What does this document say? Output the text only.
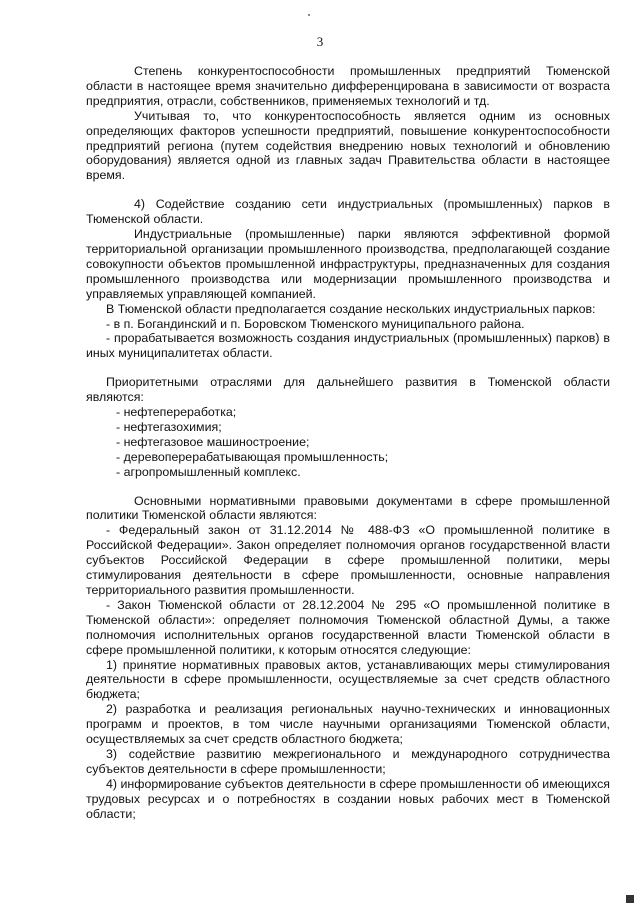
3

Степень конкурентоспособности промышленных предприятий Тюменской области в настоящее время значительно дифференцирована в зависимости от возраста предприятия, отрасли, собственников, применяемых технологий и тд.

Учитывая то, что конкурентоспособность является одним из основных определяющих факторов успешности предприятий, повышение конкурентоспособности предприятий региона (путем содействия внедрению новых технологий и обновлению оборудования) является одной из главных задач Правительства области в настоящее время.

4) Содействие созданию сети индустриальных (промышленных) парков в Тюменской области.

Индустриальные (промышленные) парки являются эффективной формой территориальной организации промышленного производства, предполагающей создание совокупности объектов промышленной инфраструктуры, предназначенных для создания промышленного производства или модернизации промышленного производства и управляемых управляющей компанией.

В Тюменской области предполагается создание нескольких индустриальных парков:

- в п. Богандинский и п. Боровском Тюменского муниципального района.

- прорабатывается возможность создания индустриальных (промышленных) парков) в иных муниципалитетах области.

Приоритетными отраслями для дальнейшего развития в Тюменской области являются:

- нефтепереработка;

- нефтегазохимия;

- нефтегазовое машиностроение;

- деревоперерабатывающая промышленность;

- агропромышленный комплекс.

Основными нормативными правовыми документами в сфере промышленной политики Тюменской области являются:

- Федеральный закон от 31.12.2014 № 488-ФЗ «О промышленной политике в Российской Федерации». Закон определяет полномочия органов государственной власти субъектов Российской Федерации в сфере промышленной политики, меры стимулирования деятельности в сфере промышленности, основные направления территориального развития промышленности.

- Закон Тюменской области от 28.12.2004 № 295 «О промышленной политике в Тюменской области»: определяет полномочия Тюменской областной Думы, а также полномочия исполнительных органов государственной власти Тюменской области в сфере промышленной политики, к которым относятся следующие:

1) принятие нормативных правовых актов, устанавливающих меры стимулирования деятельности в сфере промышленности, осуществляемые за счет средств областного бюджета;

2) разработка и реализация региональных научно-технических и инновационных программ и проектов, в том числе научными организациями Тюменской области, осуществляемых за счет средств областного бюджета;

3) содействие развитию межрегионального и международного сотрудничества субъектов деятельности в сфере промышленности;

4) информирование субъектов деятельности в сфере промышленности об имеющихся трудовых ресурсах и о потребностях в создании новых рабочих мест в Тюменской области;
